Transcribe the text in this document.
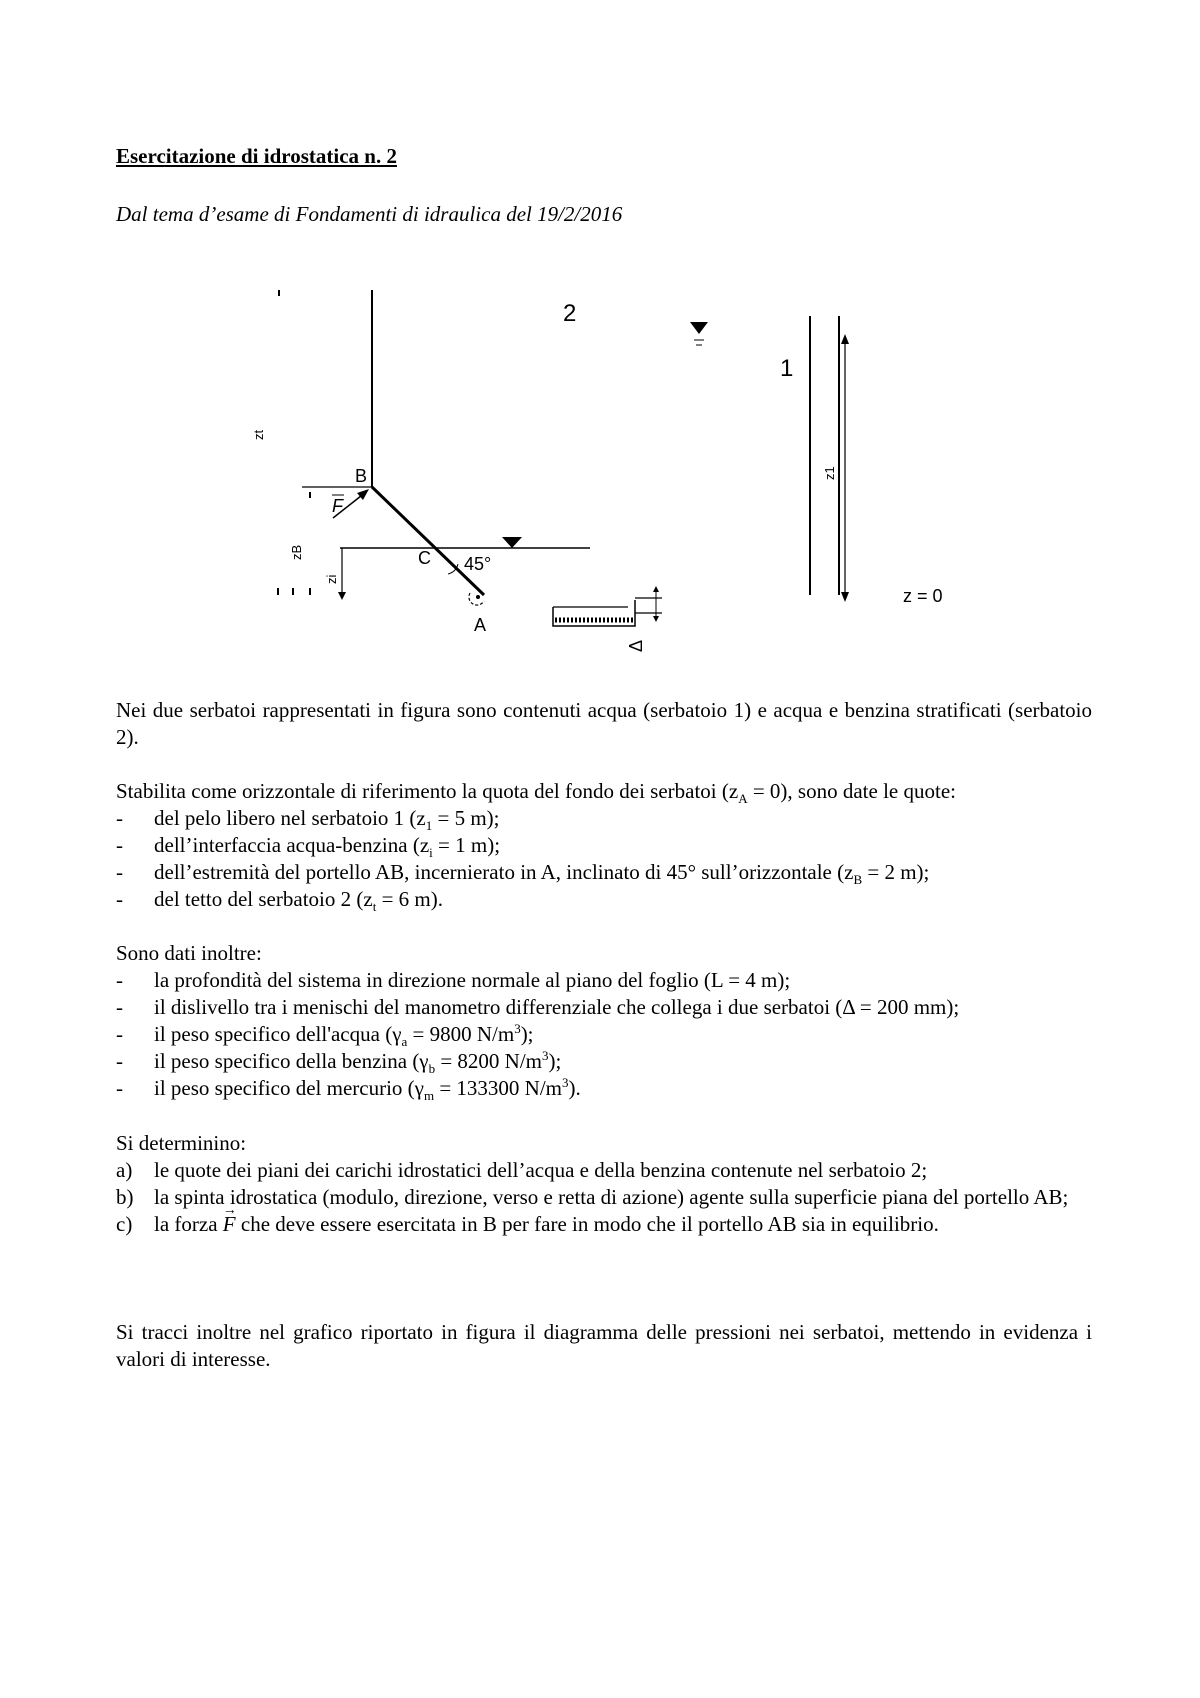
Esercitazione di idrostatica n. 2
Dal tema d’esame di Fondamenti di idraulica del 19/2/2016
2
1
B
C
A
F
45°
zt
zB
zi
z1
z = 0
Δ

Nei due serbatoi rappresentati in figura sono contenuti acqua (serbatoio 1) e acqua e benzina stratificati (serbatoio 2).

Stabilita come orizzontale di riferimento la quota del fondo dei serbatoi $(z_A = 0)$, sono date le quote:

- del pelo libero nel serbatoio 1 ($z_1 = 5$ m);
- dell’interfaccia acqua-benzina ($z_i = 1$ m);
- dell’estremità del portello AB, incernierato in A, inclinato di 45° sull’orizzontale ($z_B = 2$ m);
- del tetto del serbatoio 2 ($z_t = 6$ m).

Sono dati inoltre:

- la profondità del sistema in direzione normale al piano del foglio (L = 4 m);
- il dislivello tra i menischi del manometro differenziale che collega i due serbatoi (Δ = 200 mm);
- il peso specifico dell'acqua ($\gamma_a = 9800$ $N/m^3$);
- il peso specifico della benzina ($\gamma_b = 8200$ $N/m^3$);
- il peso specifico del mercurio ($\gamma_m = 133300$ $N/m^3$).

Si determinino:

a) le quote dei piani dei carichi idrostatici dell’acqua e della benzina contenute nel serbatoio 2;
b) la spinta idrostatica (modulo, direzione, verso e retta di azione) agente sulla superficie piana del portello AB;
c) la forza → F che deve essere esercitata in B per fare in modo che il portello AB sia in equilibrio.

Si tracci inoltre nel grafico riportato in figura il diagramma delle pressioni nei serbatoi, mettendo in evidenza i valori di interesse.
